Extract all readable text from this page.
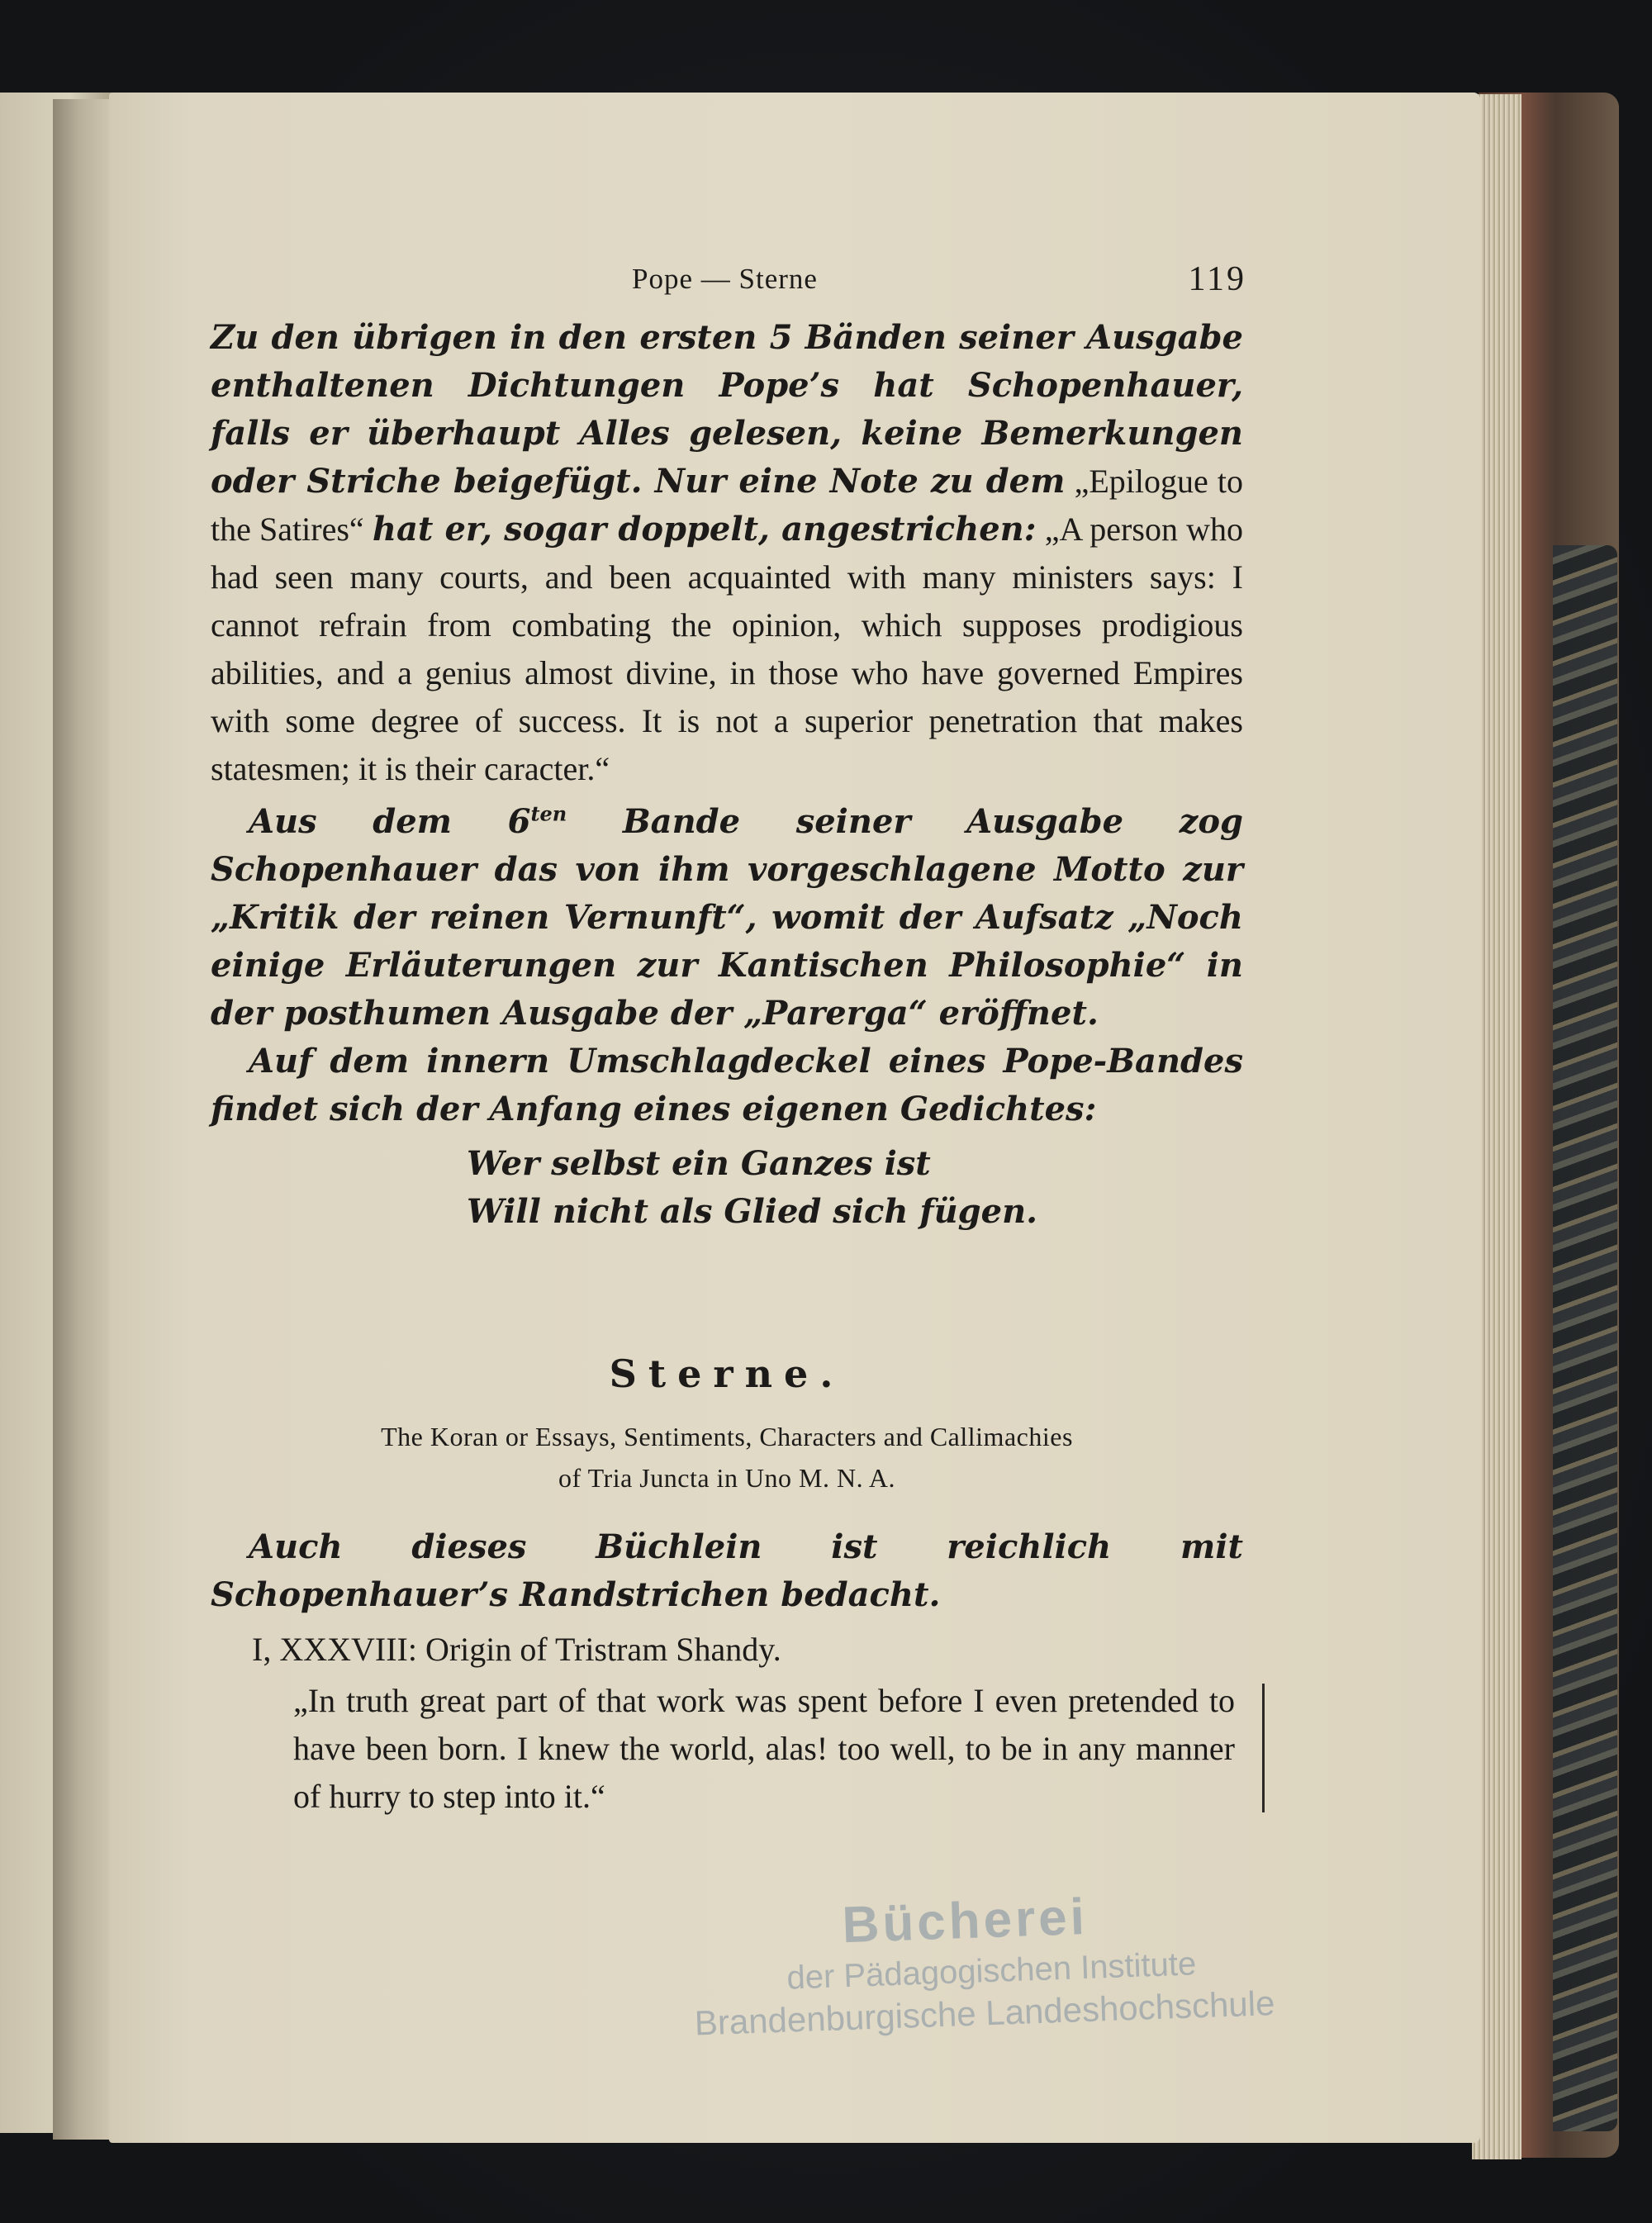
Pope — Sterne	119

Zu den übrigen in den ersten 5 Bänden seiner Ausgabe enthaltenen Dichtungen Pope’s hat Schopenhauer, falls er überhaupt Alles gelesen, keine Bemerkungen oder Striche beigefügt. Nur eine Note zu dem „Epilogue to the Satires“ hat er, sogar doppelt, angestrichen: „A person who had seen many courts, and been acquainted with many ministers says: I cannot refrain from combating the opinion, which supposes prodigious abilities, and a genius almost divine, in those who have governed Empires with some degree of success. It is not a superior penetration that makes statesmen; it is their caracter.“

Aus dem $6^{ten}$ Bande seiner Ausgabe zog Schopenhauer das von ihm vorgeschlagene Motto zur „Kritik der reinen Vernunft“, womit der Aufsatz „Noch einige Erläuterungen zur Kantischen Philosophie“ in der posthumen Ausgabe der „Parerga“ eröffnet.

Auf dem innern Umschlagdeckel eines Pope-Bandes findet sich der Anfang eines eigenen Gedichtes:

Wer selbst ein Ganzes ist
Will nicht als Glied sich fügen.
Sterne.
The Koran or Essays, Sentiments, Characters and Callimachies
of Tria Juncta in Uno M. N. A.

Auch dieses Büchlein ist reichlich mit Schopenhauer’s Randstrichen bedacht.

I, XXXVIII: Origin of Tristram Shandy.
„In truth great part of that work was spent before I even pretended to have been born. I knew the world, alas! too well, to be in any manner of hurry to step into it.“
Bücherei
der Pädagogischen Institute
Brandenburgische Landeshochschule
